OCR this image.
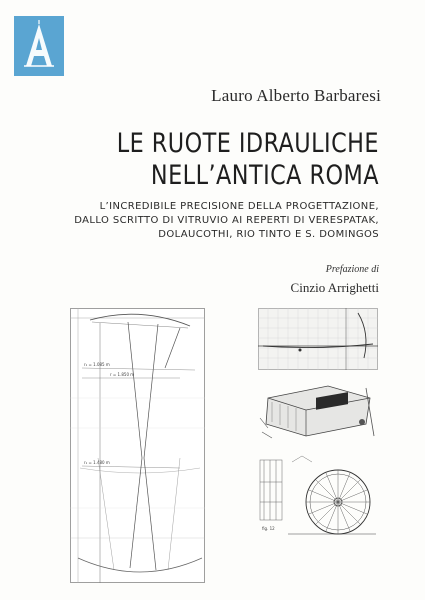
Lauro Alberto Barbaresi
LE RUOTE IDRAULICHE
NELL’ANTICA ROMA
L’INCREDIBILE PRECISIONE DELLA PROGETTAZIONE,
DALLO SCRITTO DI VITRUVIO AI REPERTI DI VERESPATAK,
DOLAUCOTHI, RIO TINTO E S. DOMINGOS
Prefazione di
Cinzio Arrighetti
r₁ = 1.085 m
r = 1.850 m
r₁ = 1.480 m
fig. 12
